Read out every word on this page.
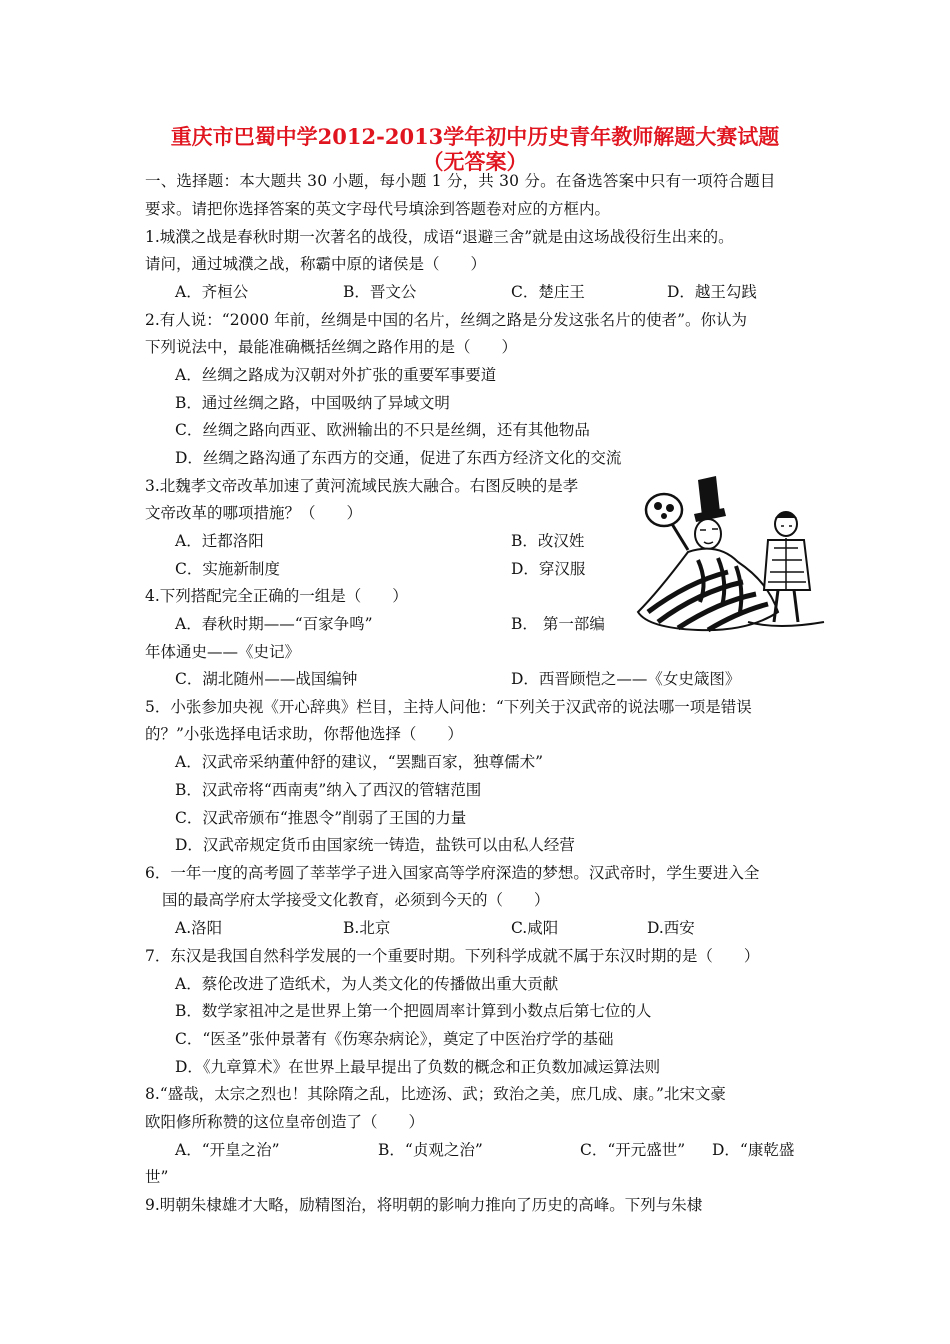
重庆市巴蜀中学2012-2013学年初中历史青年教师解题大赛试题
（无答案）
一、选择题：本大题共 30 小题，每小题 1 分，共 30 分。在备选答案中只有一项符合题目
要求。请把你选择答案的英文字母代号填涂到答题卷对应的方框内。
1.城濮之战是春秋时期一次著名的战役，成语“退避三舍”就是由这场战役衍生出来的。
请问，通过城濮之战，称霸中原的诸侯是（　　）
A．齐桓公	B．晋文公	C．楚庄王	D．越王勾践
2.有人说：“2000 年前，丝绸是中国的名片，丝绸之路是分发这张名片的使者”。你认为
下列说法中，最能准确概括丝绸之路作用的是（　　）
A．丝绸之路成为汉朝对外扩张的重要军事要道
B．通过丝绸之路，中国吸纳了异域文明
C．丝绸之路向西亚、欧洲输出的不只是丝绸，还有其他物品
D．丝绸之路沟通了东西方的交通，促进了东西方经济文化的交流
3.北魏孝文帝改革加速了黄河流域民族大融合。右图反映的是孝
文帝改革的哪项措施？（　　）
A．迁都洛阳	B．改汉姓
C．实施新制度	D．穿汉服
4.下列搭配完全正确的一组是（　　）
A．春秋时期——“百家争鸣”	B． 第一部编
年体通史——《史记》
C．湖北随州——战国编钟	D．西晋顾恺之——《女史箴图》
5．小张参加央视《开心辞典》栏目，主持人问他：“下列关于汉武帝的说法哪一项是错误
的？”小张选择电话求助，你帮他选择（　　）
A．汉武帝采纳董仲舒的建议，“罢黜百家，独尊儒术”
B．汉武帝将“西南夷”纳入了西汉的管辖范围
C．汉武帝颁布“推恩令”削弱了王国的力量
D．汉武帝规定货币由国家统一铸造，盐铁可以由私人经营
6．一年一度的高考圆了莘莘学子进入国家高等学府深造的梦想。汉武帝时，学生要进入全
国的最高学府太学接受文化教育，必须到今天的（　　）
A.洛阳	B.北京	C.咸阳	D.西安
7．东汉是我国自然科学发展的一个重要时期。下列科学成就不属于东汉时期的是（　　）
A．蔡伦改进了造纸术，为人类文化的传播做出重大贡献
B．数学家祖冲之是世界上第一个把圆周率计算到小数点后第七位的人
C．“医圣”张仲景著有《伤寒杂病论》，奠定了中医治疗学的基础
D．《九章算术》在世界上最早提出了负数的概念和正负数加减运算法则
8.“盛哉，太宗之烈也！其除隋之乱，比迹汤、武；致治之美，庶几成、康。”北宋文豪
欧阳修所称赞的这位皇帝创造了（　　）
A．“开皇之治”	B．“贞观之治”	C．“开元盛世” D．“康乾盛
世”
9.明朝朱棣雄才大略，励精图治，将明朝的影响力推向了历史的高峰。下列与朱棣
